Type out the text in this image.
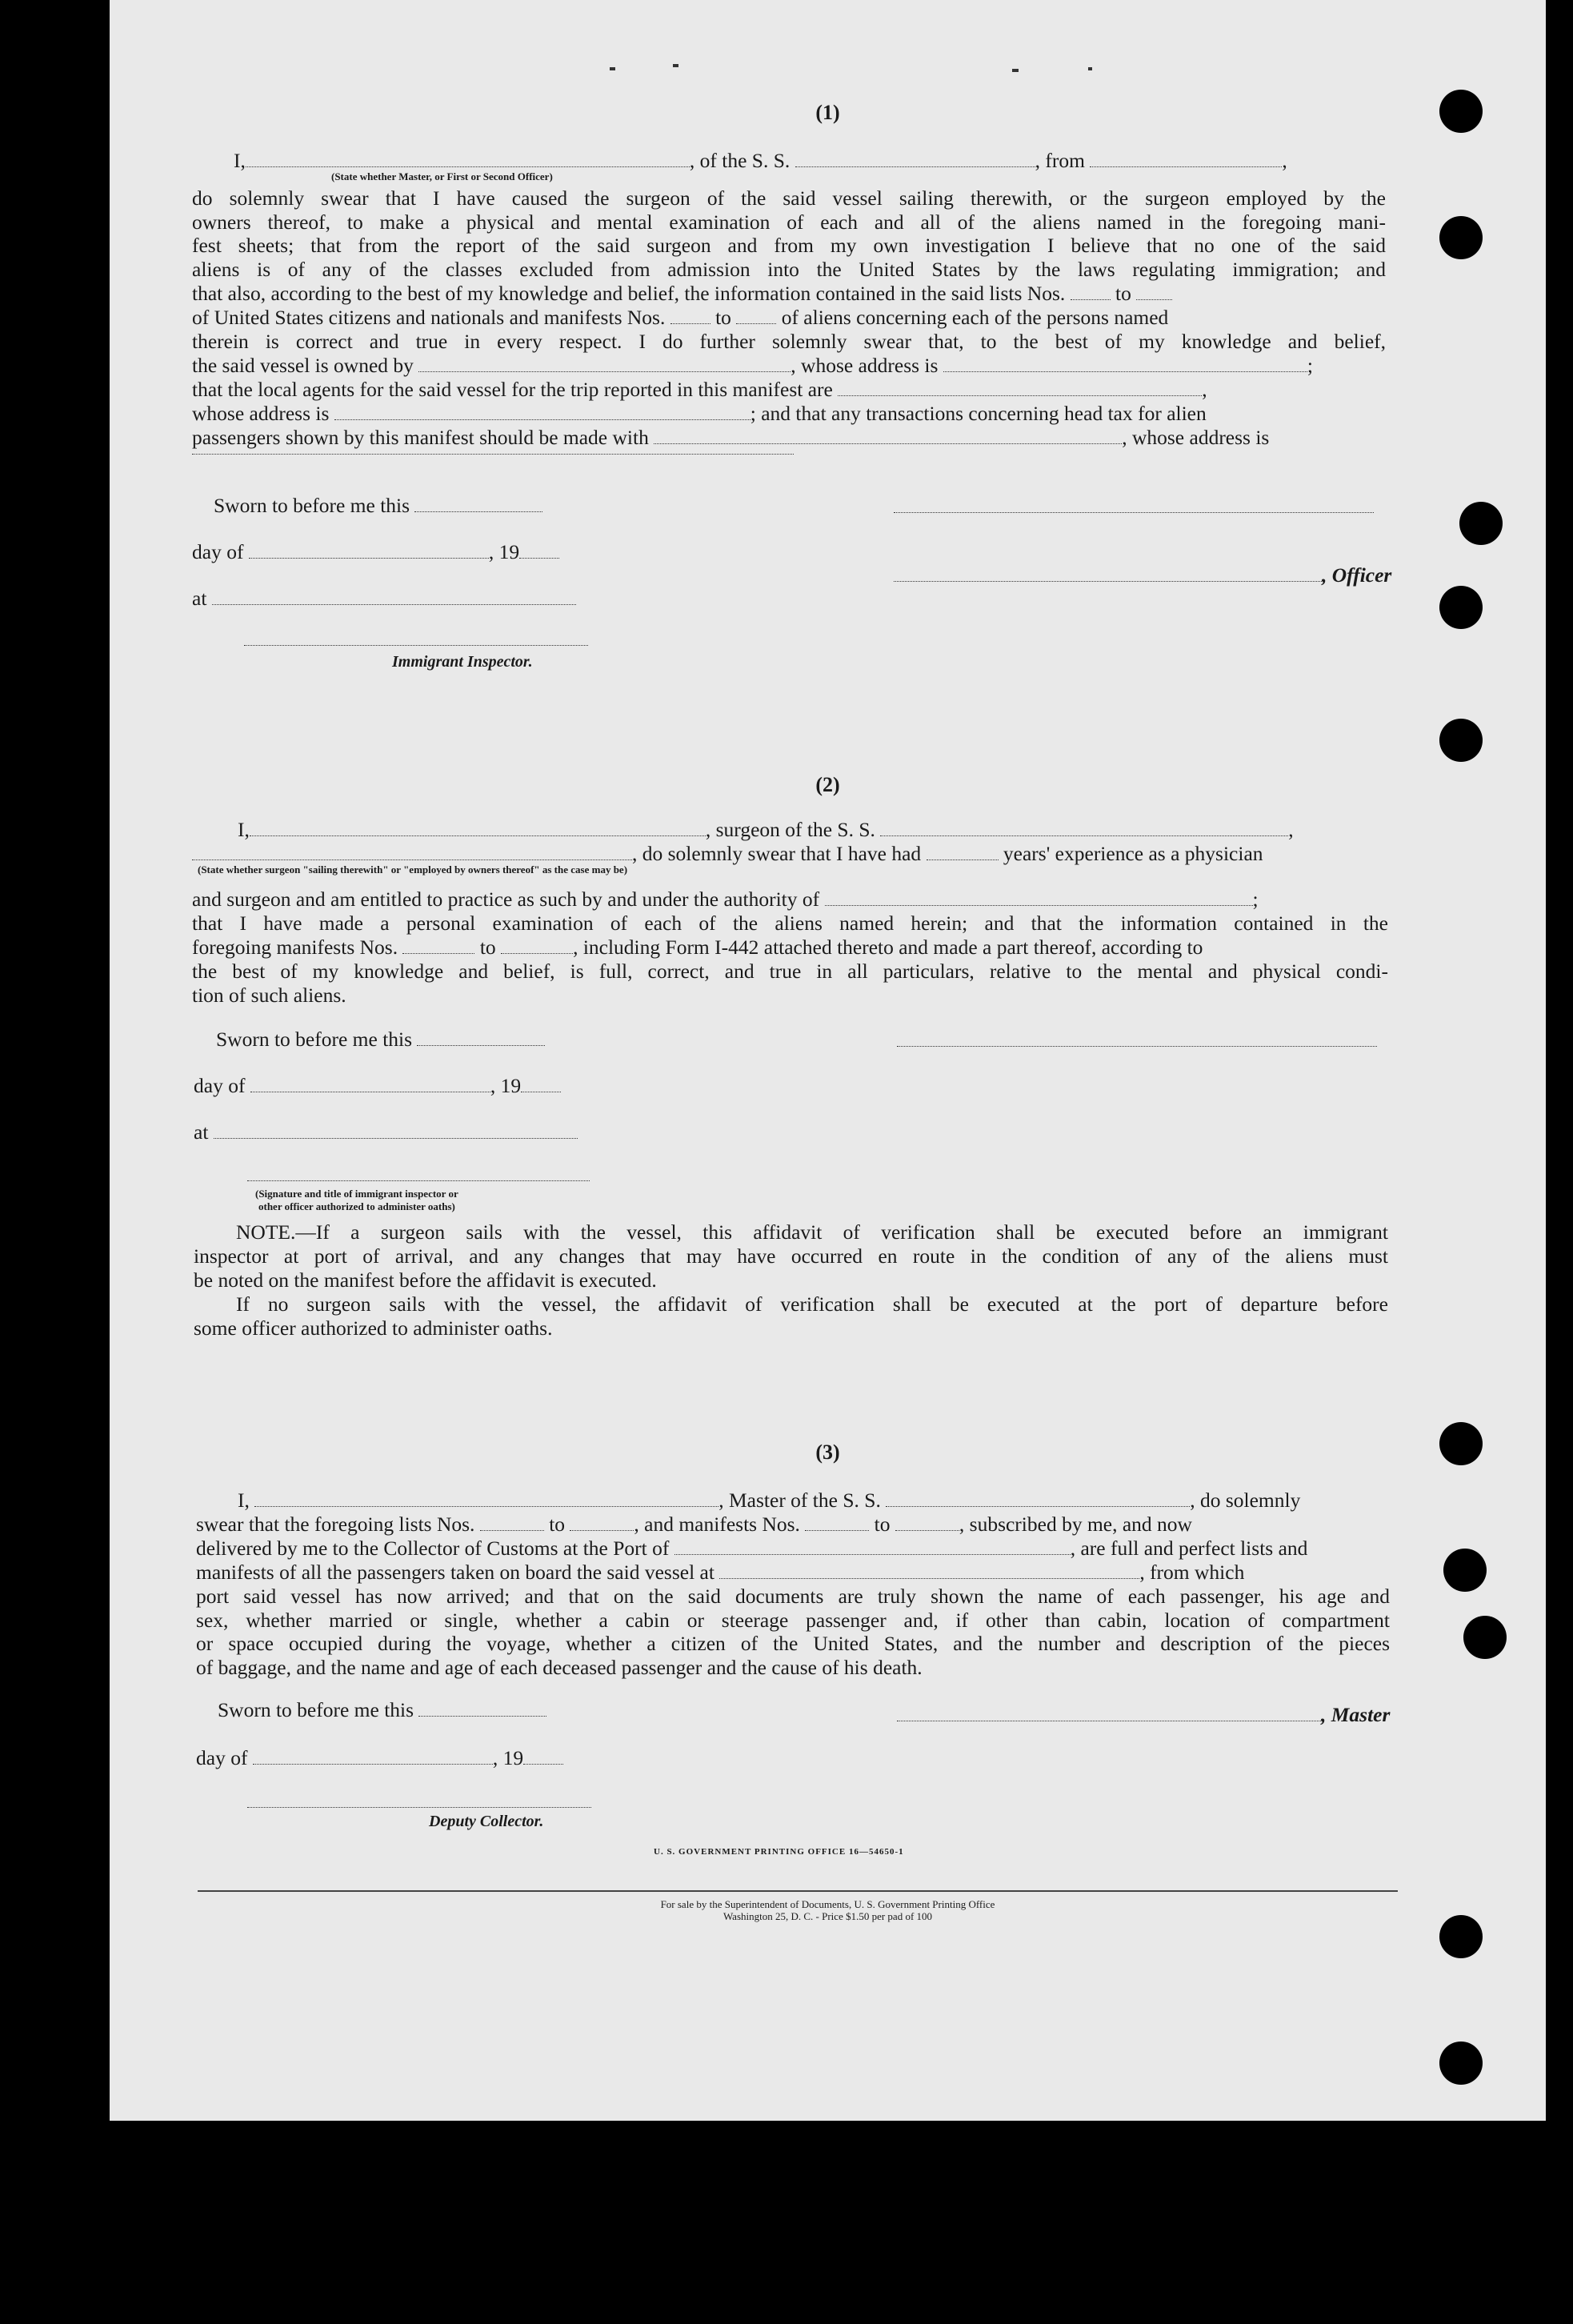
(1)
I,	, of the S. S.	, from	,
(State whether Master, or First or Second Officer)
do solemnly swear that I have caused the surgeon of the said vessel sailing therewith, or the surgeon employed by the
owners thereof, to make a physical and mental examination of each and all of the aliens named in the foregoing mani-
fest sheets; that from the report of the said surgeon and from my own investigation I believe that no one of the said
aliens is of any of the classes excluded from admission into the United States by the laws regulating immigration; and
that also, according to the best of my knowledge and belief, the information contained in the said lists Nos. to
of United States citizens and nationals and manifests Nos. to of aliens concerning each of the persons named
therein is correct and true in every respect. I do further solemnly swear that, to the best of my knowledge and belief,
the said vessel is owned by	, whose address is	;
that the local agents for the said vessel for the trip reported in this manifest are	,
whose address is	; and that any transactions concerning head tax for alien
passengers shown by this manifest should be made with	, whose address is
Sworn to before me this
day of	, 19
at
Immigrant Inspector.
, Officer
(2)
I,	, surgeon of the S. S.	,
, do solemnly swear that I have had	years' experience as a physician
(State whether surgeon "sailing therewith" or "employed by owners thereof" as the case may be)
and surgeon and am entitled to practice as such by and under the authority of	;
that I have made a personal examination of each of the aliens named herein; and that the information contained in the
foregoing manifests Nos.	to	, including Form I-442 attached thereto and made a part thereof, according to
the best of my knowledge and belief, is full, correct, and true in all particulars, relative to the mental and physical condi-
tion of such aliens.
Sworn to before me this
day of	, 19
at
(Signature and title of immigrant inspector or
other officer authorized to administer oaths)
NOTE.—If a surgeon sails with the vessel, this affidavit of verification shall be executed before an immigrant
inspector at port of arrival, and any changes that may have occurred en route in the condition of any of the aliens must
be noted on the manifest before the affidavit is executed.
If no surgeon sails with the vessel, the affidavit of verification shall be executed at the port of departure before
some officer authorized to administer oaths.
(3)
I,	, Master of the S. S.	, do solemnly
swear that the foregoing lists Nos.	to	, and manifests Nos.	to	, subscribed by me, and now
delivered by me to the Collector of Customs at the Port of	, are full and perfect lists and
manifests of all the passengers taken on board the said vessel at	, from which
port said vessel has now arrived; and that on the said documents are truly shown the name of each passenger, his age and
sex, whether married or single, whether a cabin or steerage passenger and, if other than cabin, location of compartment
or space occupied during the voyage, whether a citizen of the United States, and the number and description of the pieces
of baggage, and the name and age of each deceased passenger and the cause of his death.
Sworn to before me this	, Master
day of	, 19
Deputy Collector.
U. S. GOVERNMENT PRINTING OFFICE 16—54650-1
For sale by the Superintendent of Documents, U. S. Government Printing Office
Washington 25, D. C. - Price $1.50 per pad of 100
